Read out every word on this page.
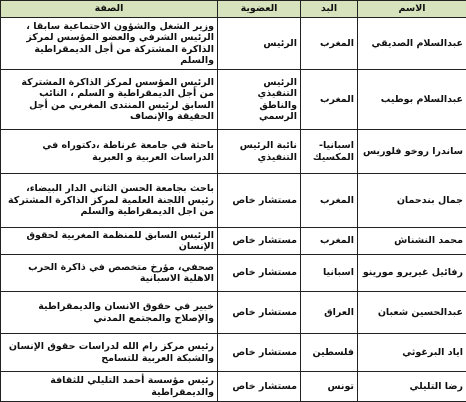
الاسم	البد	العضوية	الصفة
عبدالسلام الصديقي	المغرب	الرئيس	وزير الشغل والشؤون الاجتماعية سابقا ، الرئيس الشرفي والعضو المؤسس لمركز الذاكرة المشتركة من أجل الديمقراطية والسلم
عبدالسلام بوطيب	المغرب	الرئيس التنفيذي والناطق الرسمي	الرئيس المؤسس لمركز الذاكرة المشتركة من أجل الديمقراطية و السلم ، النائب السابق لرئيس المنتدى المغربي من أجل الحقيقة والإنصاف
ساندرا روخو فلوريس	اسبانيا- المكسيك	نائبة الرئيس التنفيذي	باحثة في جامعة غرناطة ،دكتوراه في الدراسات العربية و العبرية
جمال بندحمان	المغرب	مستشار خاص	باحث بجامعة الحسن الثاني الدار البيضاء، رئيس اللجنة العلمية لمركز الذاكرة المشتركة من اجل الديمقراطية والسلم
محمد النشناش	المغرب	مستشار خاص	الرئيس السابق للمنظمة المغربية لحقوق الإنسان
رفائيل غيريرو مورينو	اسبانيا	مستشار خاص	صحفي، مؤرخ متخصص في ذاكرة الحرب الاهلية الاسبانية
عبدالحسين شعبان	العراق	مستشار خاص	خبير في حقوق الانسان والديمقراطية والإصلاح والمجتمع المدني
اياد البرغوثي	فلسطين	مستشار خاص	رئيس مركز رام الله لدراسات حقوق الإنسان والشبكة العربية للتسامح
رضا التليلي	تونس	مستشار خاص	رئيس مؤسسة أحمد التليلي للثقافة والديمقراطية
